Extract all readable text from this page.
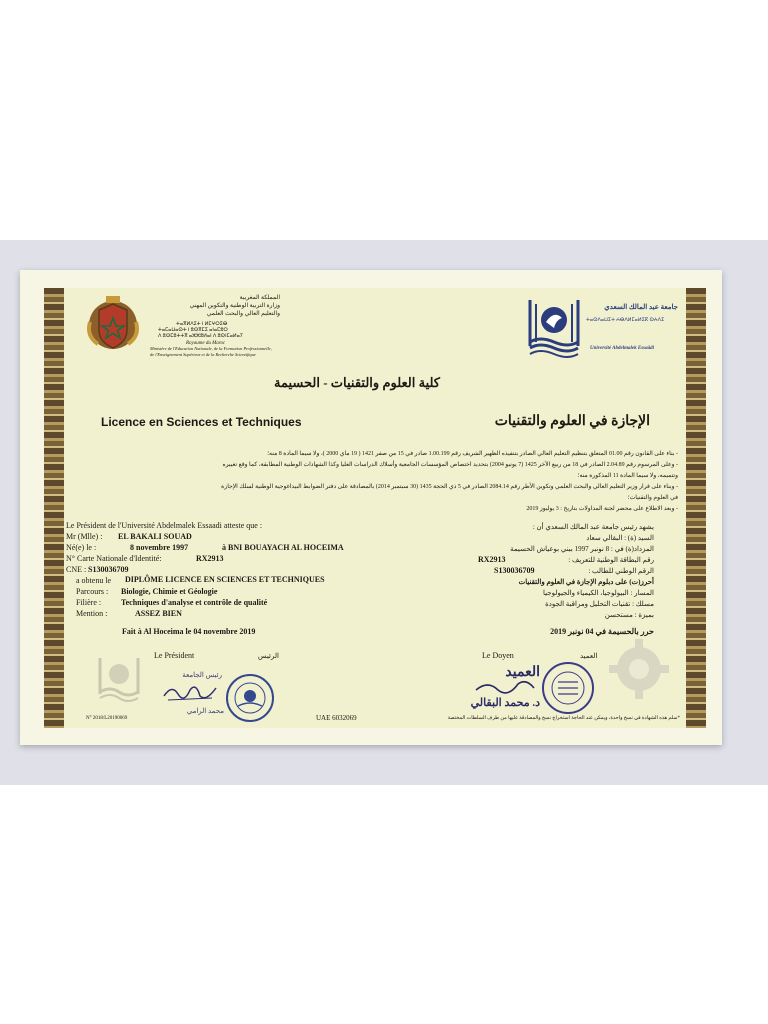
المملكة المغربية
وزارة التربية الوطنية والتكوين المهني
والتعليم العالي والبحث العلمي
ⵜⴰⴳⵍⴷⵉⵜ ⵏ ⵍⵎⵖⵔⵉⴱ
ⵜⴰⵎⴰⵡⴰⵙⵜ ⵏ ⵓⵙⴳⵎⵉ ⴰⵏⴰⵎⵓⵔ
ⴷ ⵓⵙⵎⵓⵜⵜⴳ ⴰⵣⵣⵓⵍⴰⵏ ⴷ ⵓⵙⵏⵎⴰⵍⴰⵢ
Royaume du Maroc
Ministère de l'Education Nationale, de la Formation Professionnelle,
de l'Enseignement Supérieur et de la Recherche Scientifique
جامعة عبد المالك السعدي
ⵜⴰⵙⴷⴰⵡⵉⵜ ⵄⴱⴷⵍⵎⴰⵍⵉⴽ ⵙⵄⴷⵉ
Université Abdelmalek Essaâdi
كلية العلوم والتقنيات - الحسيمة
Licence en Sciences et Techniques	الإجازة في العلوم والتقنيات
- بناء على القانون رقم 01.00 المتعلق بتنظيم التعليم العالي الصادر بتنفيذه الظهير الشريف رقم 1.00.199 صادر في 15 من صفر 1421 ( 19 ماي 2000 )، ولا سيما المادة 8 منه؛
- وعلى المرسوم رقم 2.04.89 الصادر في 18 من ربيع الآخر 1425 (7 يونيو 2004) بتحديد اختصاص المؤسسات الجامعية وأسلاك الدراسات العليا وكذا الشهادات الوطنية المطابقة، كما وقع تغييره
وتتميمه، ولا سيما المادة 11 المذكورة منه؛
- وبناء على قرار وزير التعليم العالي والبحث العلمي وتكوين الأطر رقم 2084.14 الصادر في 5 ذي الحجة 1435 (30 سبتمبر 2014) بالمصادقة على دفتر الضوابط البيداغوجية الوطنية لسلك الإجازة
في العلوم والتقنيات؛
- وبعد الاطلاع على محضر لجنة المداولات بتاريخ : 3 يوليوز 2019
Le Président de l'Université Abdelmalek Essaadi atteste que :
Mr (Mlle) : EL BAKALI SOUAD
Né(e) le :	8 novembre 1997	à BNI BOUAYACH AL HOCEIMA
N° Carte Nationale d'Identité:	RX2913
CNE : S130036709
a obtenu le DIPLÔME LICENCE EN SCIENCES ET TECHNIQUES
Parcours : Biologie, Chimie et Géologie
Filière : Techniques d'analyse et contrôle de qualité
Mention :	ASSEZ BIEN
Fait à Al Hoceima le 04 novembre 2019
يشهد رئيس جامعة عبد المالك السعدي أن :
السيد (ة) : البقالي سعاد
المزداد(ة) في : 8 نونبر 1997 ببني بوعياش الحسيمة
رقم البطاقة الوطنية للتعريف :
RX2913
الرقم الوطني للطالب :
S130036709
أحرز(ت) على دبلوم الإجازة في العلوم والتقنيات
المسار : البيولوجيا، الكيمياء والجيولوجيا
مسلك : تقنيات التحليل ومراقبة الجودة
بميزة : مستحسن
حرر بالحسيمة في 04 نونبر 2019
Le Président	الرئيس	Le Doyen	العميد
رئيس الجامعة
محمد الرامي
العميد
د. محمد البقالي
N° 2018/L20190069	UAE 6032069	*سلم هذه الشهادة في نسخ واحدة، ويمكن عند الحاجة استخراج نسخ والمصادقة عليها من طرف السلطات المختصة
